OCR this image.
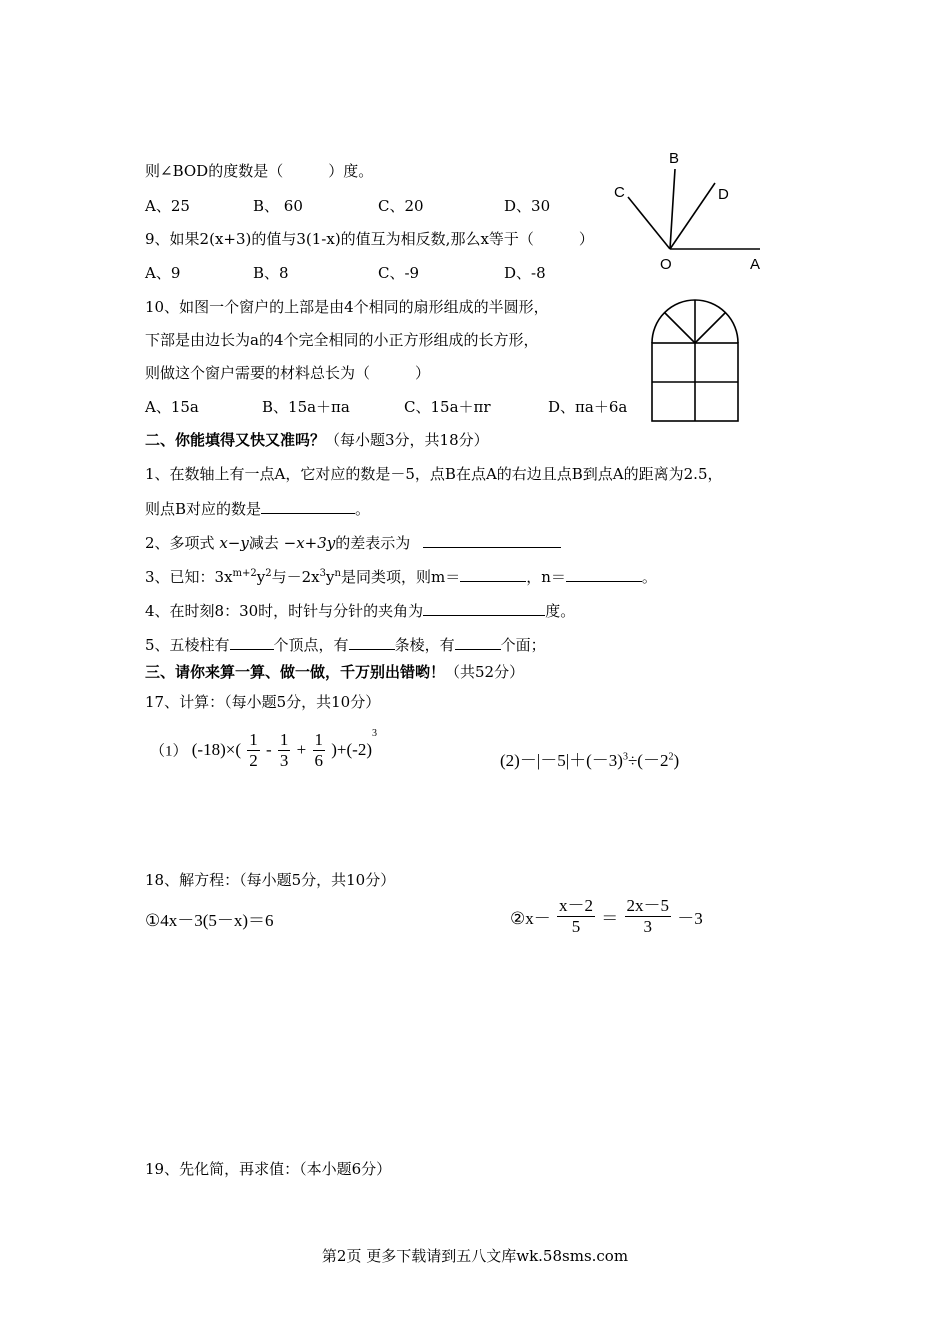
则∠BOD的度数是（　　　）度。
A、25	B、 60	C、20	D、30
B
C	D
O	A
9、如果2(x+3)的值与3(1-x)的值互为相反数,那么x等于（　　　）
A、9	B、8	C、-9	D、-8
10、如图一个窗户的上部是由4个相同的扇形组成的半圆形，
下部是由边长为a的4个完全相同的小正方形组成的长方形，
则做这个窗户需要的材料总长为（　　　）
A、15a	B、15a＋πa	C、15a＋πr	D、πa＋6a
二、你能填得又快又准吗？（每小题3分，共18分）
1、在数轴上有一点A，它对应的数是－5，点B在点A的右边且点B到点A的距离为2.5，
则点B对应的数是	。
2、多项式 x−y减去 −x+3y的差表示为
3、已知：$3x^{m+2}y^2$与$-2x^3y^n$是同类项，则m＝	，n＝	。
4、在时刻8：30时，时针与分针的夹角为	度。
5、五棱柱有	个顶点，有	条棱，有	个面；
三、请你来算一算、做一做，千万别出错哟！（共52分）
17、计算：（每小题5分，共10分）
（1） $(-18)\times( \frac{1}{2} - \frac{1}{3} + \frac{1}{6} )+(-2)^3$
$(2)-|-5|+(-3)^3\div(-2^2)$
18、解方程：（每小题5分，共10分）
①4x－3(5－x)＝6	②x－ $\frac{x-2}{5} = \frac{2x-5}{3} -3$
19、先化简，再求值：（本小题6分）
第2页 更多下载请到五八文库wk.58sms.com
